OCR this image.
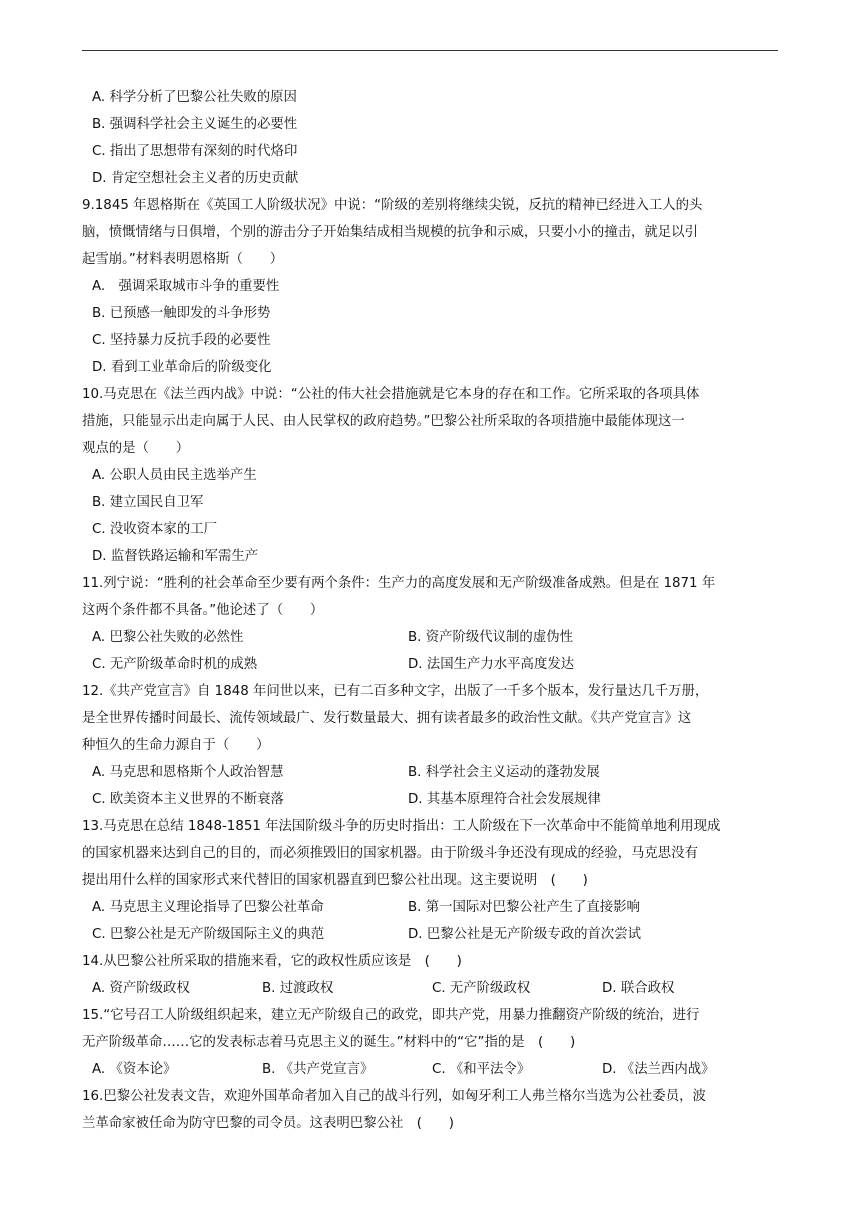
A. 科学分析了巴黎公社失败的原因
B. 强调科学社会主义诞生的必要性
C. 指出了思想带有深刻的时代烙印
D. 肯定空想社会主义者的历史贡献
9.1845 年恩格斯在《英国工人阶级状况》中说：“阶级的差别将继续尖锐，反抗的精神已经进入工人的头
脑，愤慨情绪与日俱增，个别的游击分子开始集结成相当规模的抗争和示威，只要小小的撞击，就足以引
起雪崩。”材料表明恩格斯（　　）
A.　强调采取城市斗争的重要性
B. 已预感一触即发的斗争形势
C. 坚持暴力反抗手段的必要性
D. 看到工业革命后的阶级变化
10.马克思在《法兰西内战》中说：“公社的伟大社会措施就是它本身的存在和工作。它所采取的各项具体
措施，只能显示出走向属于人民、由人民掌权的政府趋势。”巴黎公社所采取的各项措施中最能体现这一
观点的是（　　）
A. 公职人员由民主选举产生
B. 建立国民自卫军
C. 没收资本家的工厂
D. 监督铁路运输和军需生产
11.列宁说：“胜利的社会革命至少要有两个条件：生产力的高度发展和无产阶级准备成熟。但是在 1871 年
这两个条件都不具备。”他论述了（　　）
A. 巴黎公社失败的必然性	B. 资产阶级代议制的虚伪性
C. 无产阶级革命时机的成熟	D. 法国生产力水平高度发达
12.《共产党宣言》自 1848 年问世以来，已有二百多种文字，出版了一千多个版本，发行量达几千万册，
是全世界传播时间最长、流传领域最广、发行数量最大、拥有读者最多的政治性文献。《共产党宣言》这
种恒久的生命力源自于（　　）
A. 马克思和恩格斯个人政治智慧	B. 科学社会主义运动的蓬勃发展
C. 欧美资本主义世界的不断衰落	D. 其基本原理符合社会发展规律
13.马克思在总结 1848-1851 年法国阶级斗争的历史时指出：工人阶级在下一次革命中不能简单地利用现成
的国家机器来达到自己的目的，而必须推毁旧的国家机器。由于阶级斗争还没有现成的经验，马克思没有
提出用什么样的国家形式来代替旧的国家机器直到巴黎公社出现。这主要说明　(　　)
A. 马克思主义理论指导了巴黎公社革命	B. 第一国际对巴黎公社产生了直接影响
C. 巴黎公社是无产阶级国际主义的典范	D. 巴黎公社是无产阶级专政的首次尝试
14.从巴黎公社所采取的措施来看，它的政权性质应该是　(　　)
A. 资产阶级政权	B. 过渡政权	C. 无产阶级政权	D. 联合政权
15.“它号召工人阶级组织起来，建立无产阶级自己的政党，即共产党，用暴力推翻资产阶级的统治，进行
无产阶级革命……它的发表标志着马克思主义的诞生。”材料中的“它”指的是　(　　)
A. 《资本论》	B. 《共产党宣言》	C. 《和平法令》	D. 《法兰西内战》
16.巴黎公社发表文告，欢迎外国革命者加入自己的战斗行列，如匈牙利工人弗兰格尔当选为公社委员，波
兰革命家被任命为防守巴黎的司令员。这表明巴黎公社　(　　)
